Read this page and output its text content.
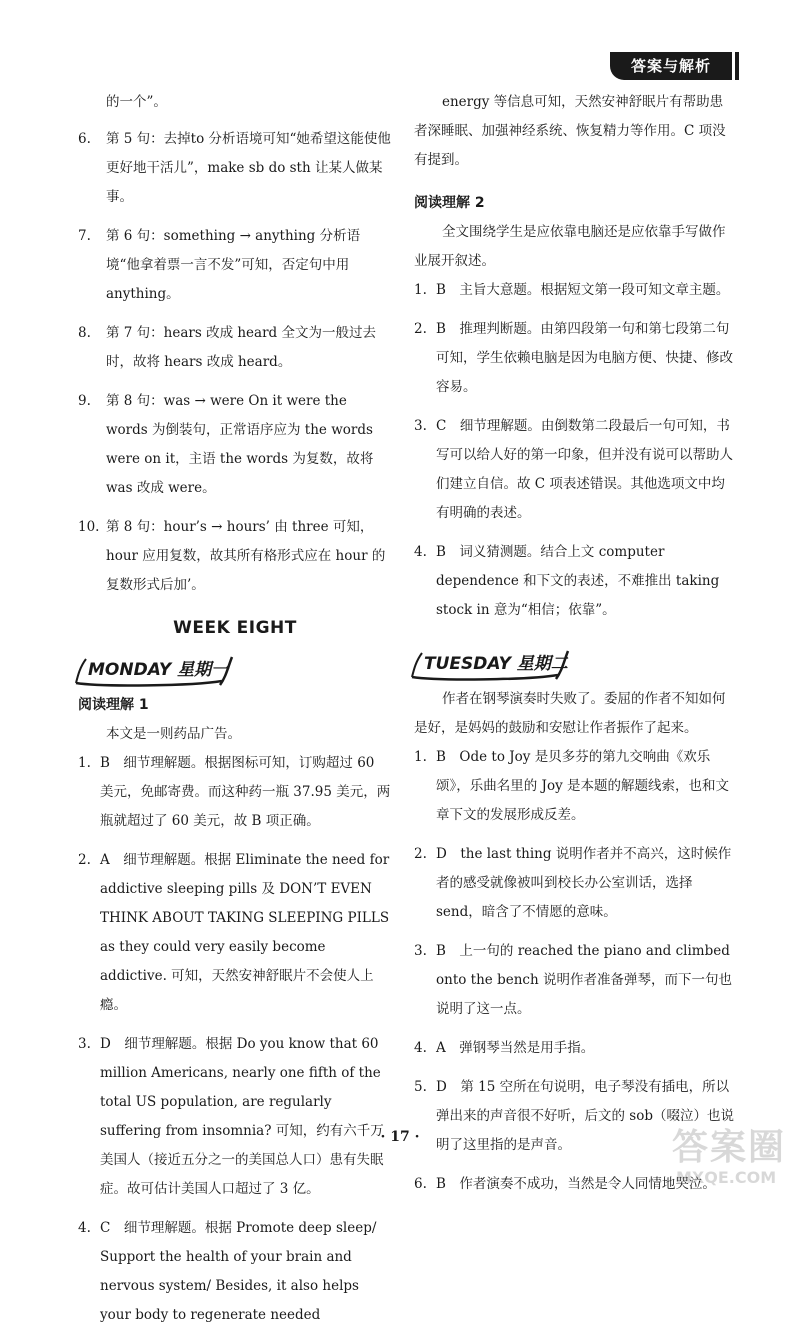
答案与解析

的一个”。

6. 第 5 句：去掉to 分析语境可知“她希望这能使他更好地干活儿”，make sb do sth 让某人做某事。
7. 第 6 句：something → anything 分析语境“他拿着票一言不发”可知，否定句中用 anything。
8. 第 7 句：hears 改成 heard 全文为一般过去时，故将 hears 改成 heard。
9. 第 8 句：was → were On it were the words 为倒装句，正常语序应为 the words were on it，主语 the words 为复数，故将 was 改成 were。
10. 第 8 句：hour’s → hours’ 由 three 可知，hour 应用复数，故其所有格形式应在 hour 的复数形式后加’。
WEEK EIGHT
MONDAY 星期一

阅读理解 1

本文是一则药品广告。

1. B　细节理解题。根据图标可知，订购超过 60 美元，免邮寄费。而这种药一瓶 37.95 美元，两瓶就超过了 60 美元，故 B 项正确。
2. A　细节理解题。根据 Eliminate the need for addictive sleeping pills 及 DON’T EVEN THINK ABOUT TAKING SLEEPING PILLS as they could very easily become addictive. 可知，天然安神舒眠片不会使人上瘾。
3. D　细节理解题。根据 Do you know that 60 million Americans, nearly one fifth of the total US population, are regularly suffering from insomnia? 可知，约有六千万美国人（接近五分之一的美国总人口）患有失眠症。故可估计美国人口超过了 3 亿。
4. C　细节理解题。根据 Promote deep sleep/ Support the health of your brain and nervous system/ Besides, it also helps your body to regenerate needed

energy 等信息可知，天然安神舒眠片有帮助患者深睡眠、加强神经系统、恢复精力等作用。C 项没有提到。

阅读理解 2

全文围绕学生是应依靠电脑还是应依靠手写做作业展开叙述。

1. B　主旨大意题。根据短文第一段可知文章主题。
2. B　推理判断题。由第四段第一句和第七段第二句可知，学生依赖电脑是因为电脑方便、快捷、修改容易。
3. C　细节理解题。由倒数第二段最后一句可知，书写可以给人好的第一印象，但并没有说可以帮助人们建立自信。故 C 项表述错误。其他选项文中均有明确的表述。
4. B　词义猜测题。结合上文 computer dependence 和下文的表述，不难推出 taking stock in 意为“相信；依靠”。
TUESDAY 星期二

作者在钢琴演奏时失败了。委屈的作者不知如何是好，是妈妈的鼓励和安慰让作者振作了起来。

1. B　Ode to Joy 是贝多芬的第九交响曲《欢乐颂》，乐曲名里的 Joy 是本题的解题线索，也和文章下文的发展形成反差。
2. D　the last thing 说明作者并不高兴，这时候作者的感受就像被叫到校长办公室训话，选择 send，暗含了不情愿的意味。
3. B　上一句的 reached the piano and climbed onto the bench 说明作者准备弹琴，而下一句也说明了这一点。
4. A　弹钢琴当然是用手指。
5. D　第 15 空所在句说明，电子琴没有插电，所以弹出来的声音很不好听，后文的 sob（啜泣）也说明了这里指的是声音。
6. B　作者演奏不成功，当然是令人同情地哭泣。
· 17 ·	答案圈
MXQE.COM
